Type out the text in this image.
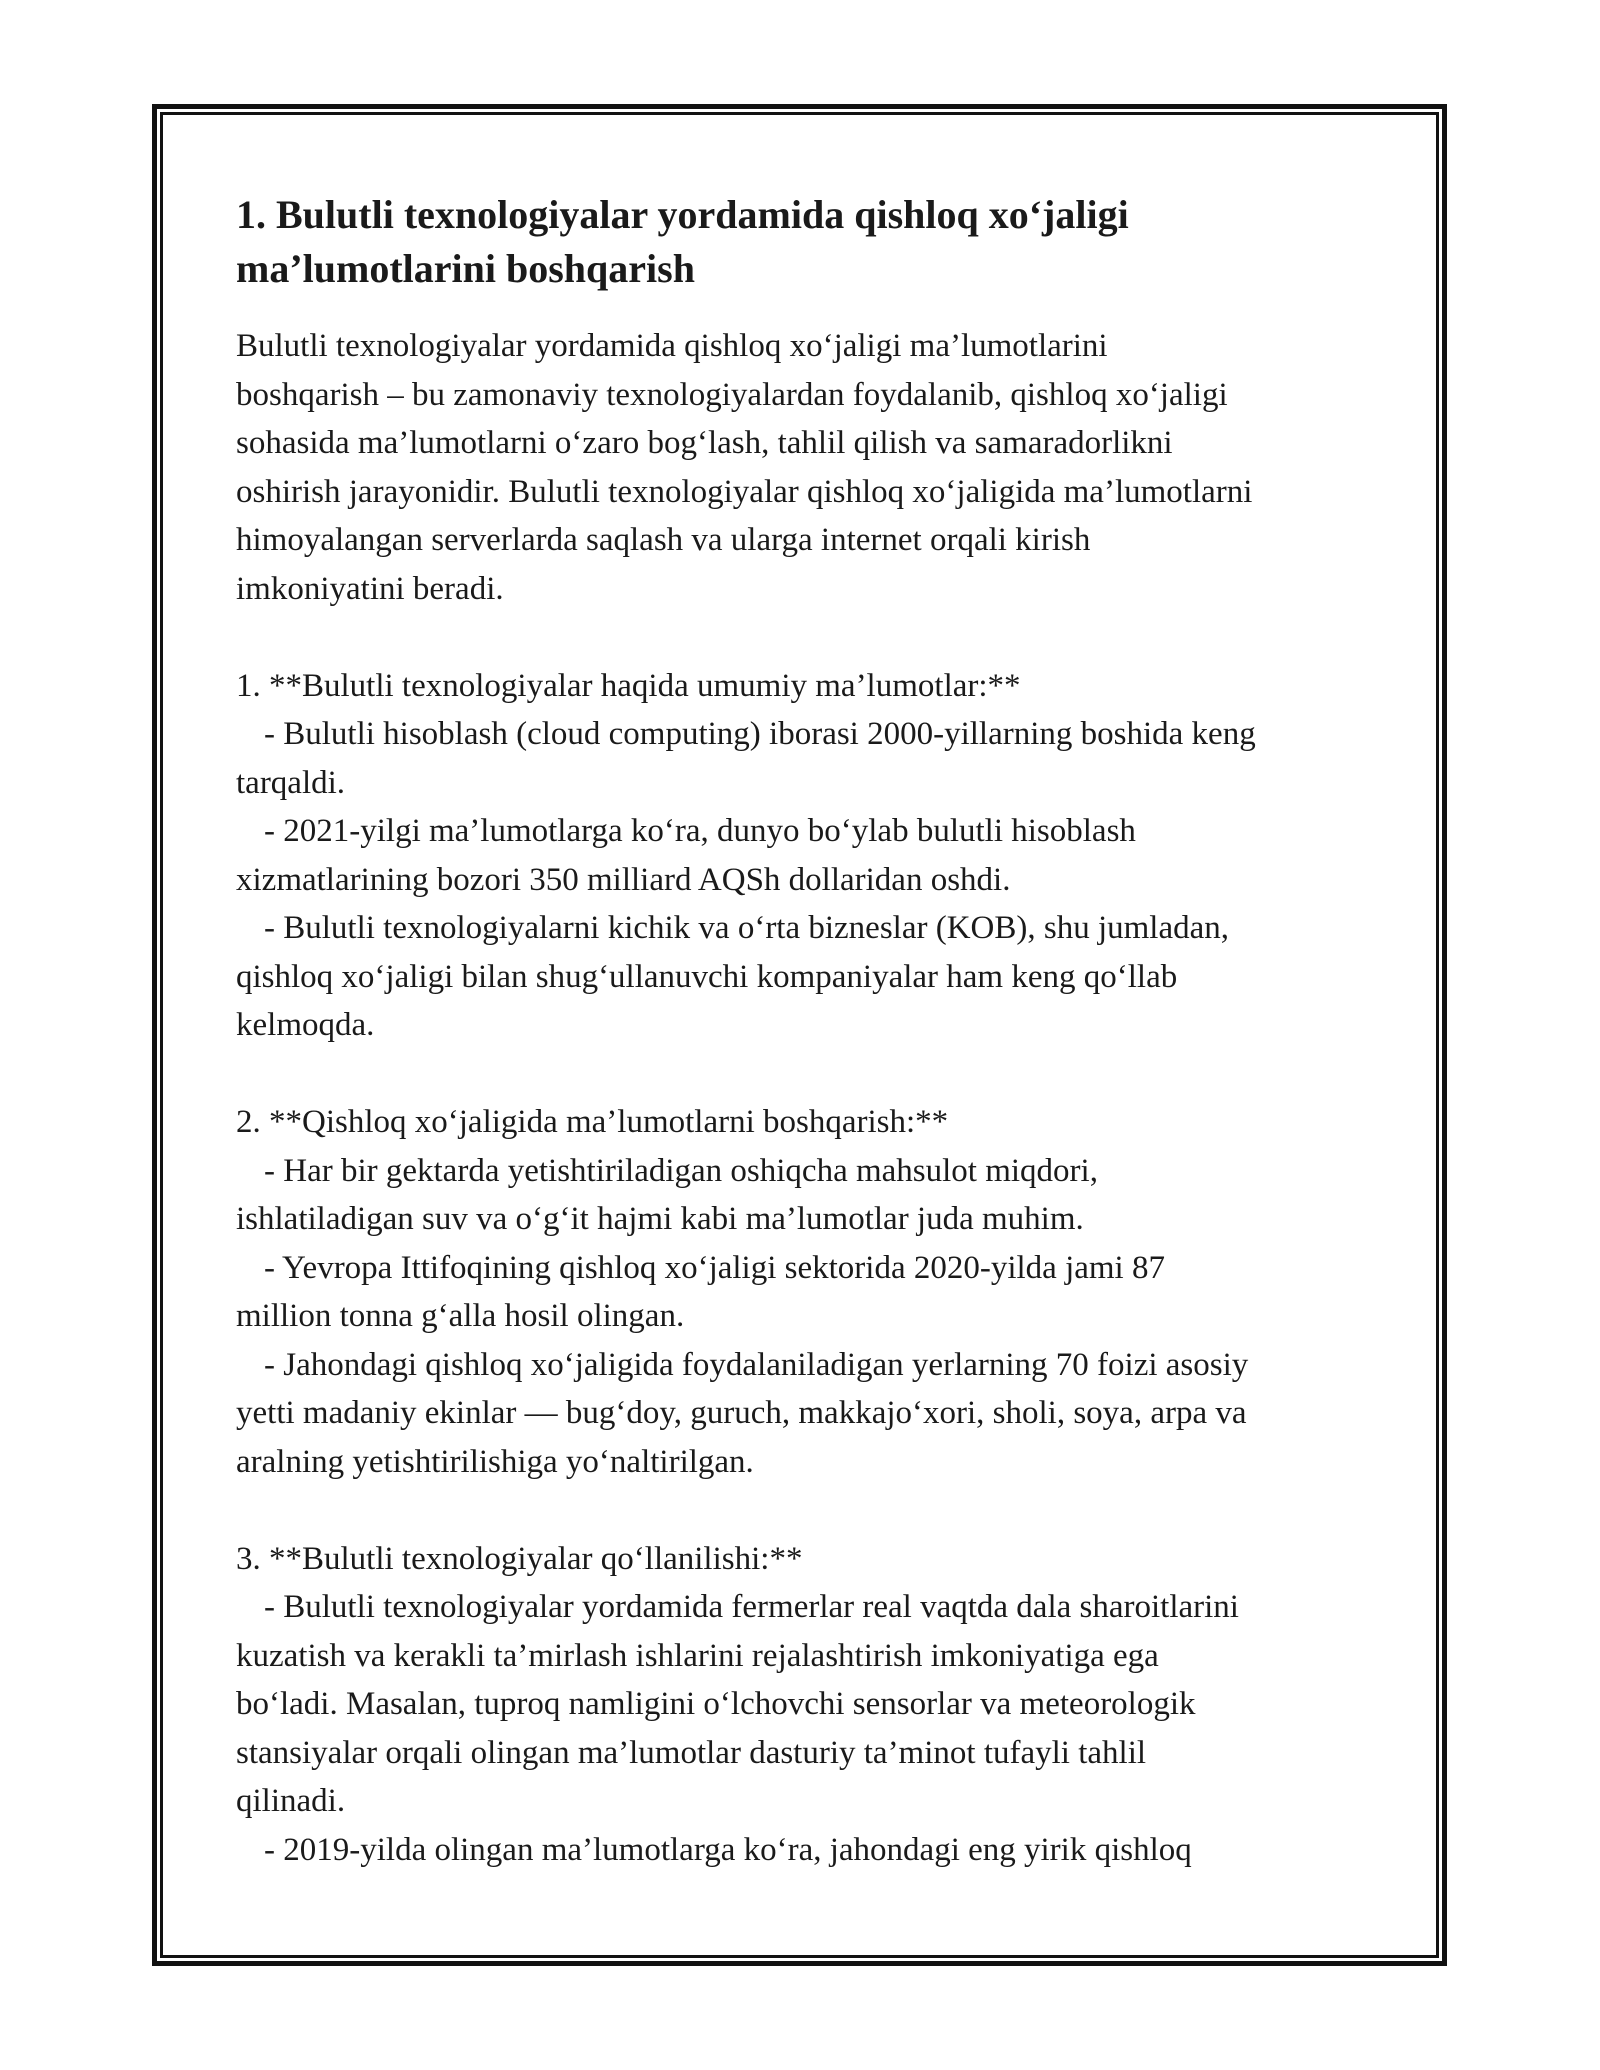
1. Bulutli texnologiyalar yordamida qishloq xo‘jaligi
ma’lumotlarini boshqarish

Bulutli texnologiyalar yordamida qishloq xo‘jaligi ma’lumotlarini
boshqarish – bu zamonaviy texnologiyalardan foydalanib, qishloq xo‘jaligi
sohasida ma’lumotlarni o‘zaro bog‘lash, tahlil qilish va samaradorlikni
oshirish jarayonidir. Bulutli texnologiyalar qishloq xo‘jaligida ma’lumotlarni
himoyalangan serverlarda saqlash va ularga internet orqali kirish
imkoniyatini beradi.

1. **Bulutli texnologiyalar haqida umumiy ma’lumotlar:**

- Bulutli hisoblash (cloud computing) iborasi 2000-yillarning boshida keng
tarqaldi.

- 2021-yilgi ma’lumotlarga ko‘ra, dunyo bo‘ylab bulutli hisoblash
xizmatlarining bozori 350 milliard AQSh dollaridan oshdi.

- Bulutli texnologiyalarni kichik va o‘rta bizneslar (KOB), shu jumladan,
qishloq xo‘jaligi bilan shug‘ullanuvchi kompaniyalar ham keng qo‘llab
kelmoqda.

2. **Qishloq xo‘jaligida ma’lumotlarni boshqarish:**

- Har bir gektarda yetishtiriladigan oshiqcha mahsulot miqdori,
ishlatiladigan suv va o‘g‘it hajmi kabi ma’lumotlar juda muhim.

- Yevropa Ittifoqining qishloq xo‘jaligi sektorida 2020-yilda jami 87
million tonna g‘alla hosil olingan.

- Jahondagi qishloq xo‘jaligida foydalaniladigan yerlarning 70 foizi asosiy
yetti madaniy ekinlar — bug‘doy, guruch, makkajo‘xori, sholi, soya, arpa va
aralning yetishtirilishiga yo‘naltirilgan.

3. **Bulutli texnologiyalar qo‘llanilishi:**

- Bulutli texnologiyalar yordamida fermerlar real vaqtda dala sharoitlarini
kuzatish va kerakli ta’mirlash ishlarini rejalashtirish imkoniyatiga ega
bo‘ladi. Masalan, tuproq namligini o‘lchovchi sensorlar va meteorologik
stansiyalar orqali olingan ma’lumotlar dasturiy ta’minot tufayli tahlil
qilinadi.

- 2019-yilda olingan ma’lumotlarga ko‘ra, jahondagi eng yirik qishloq
